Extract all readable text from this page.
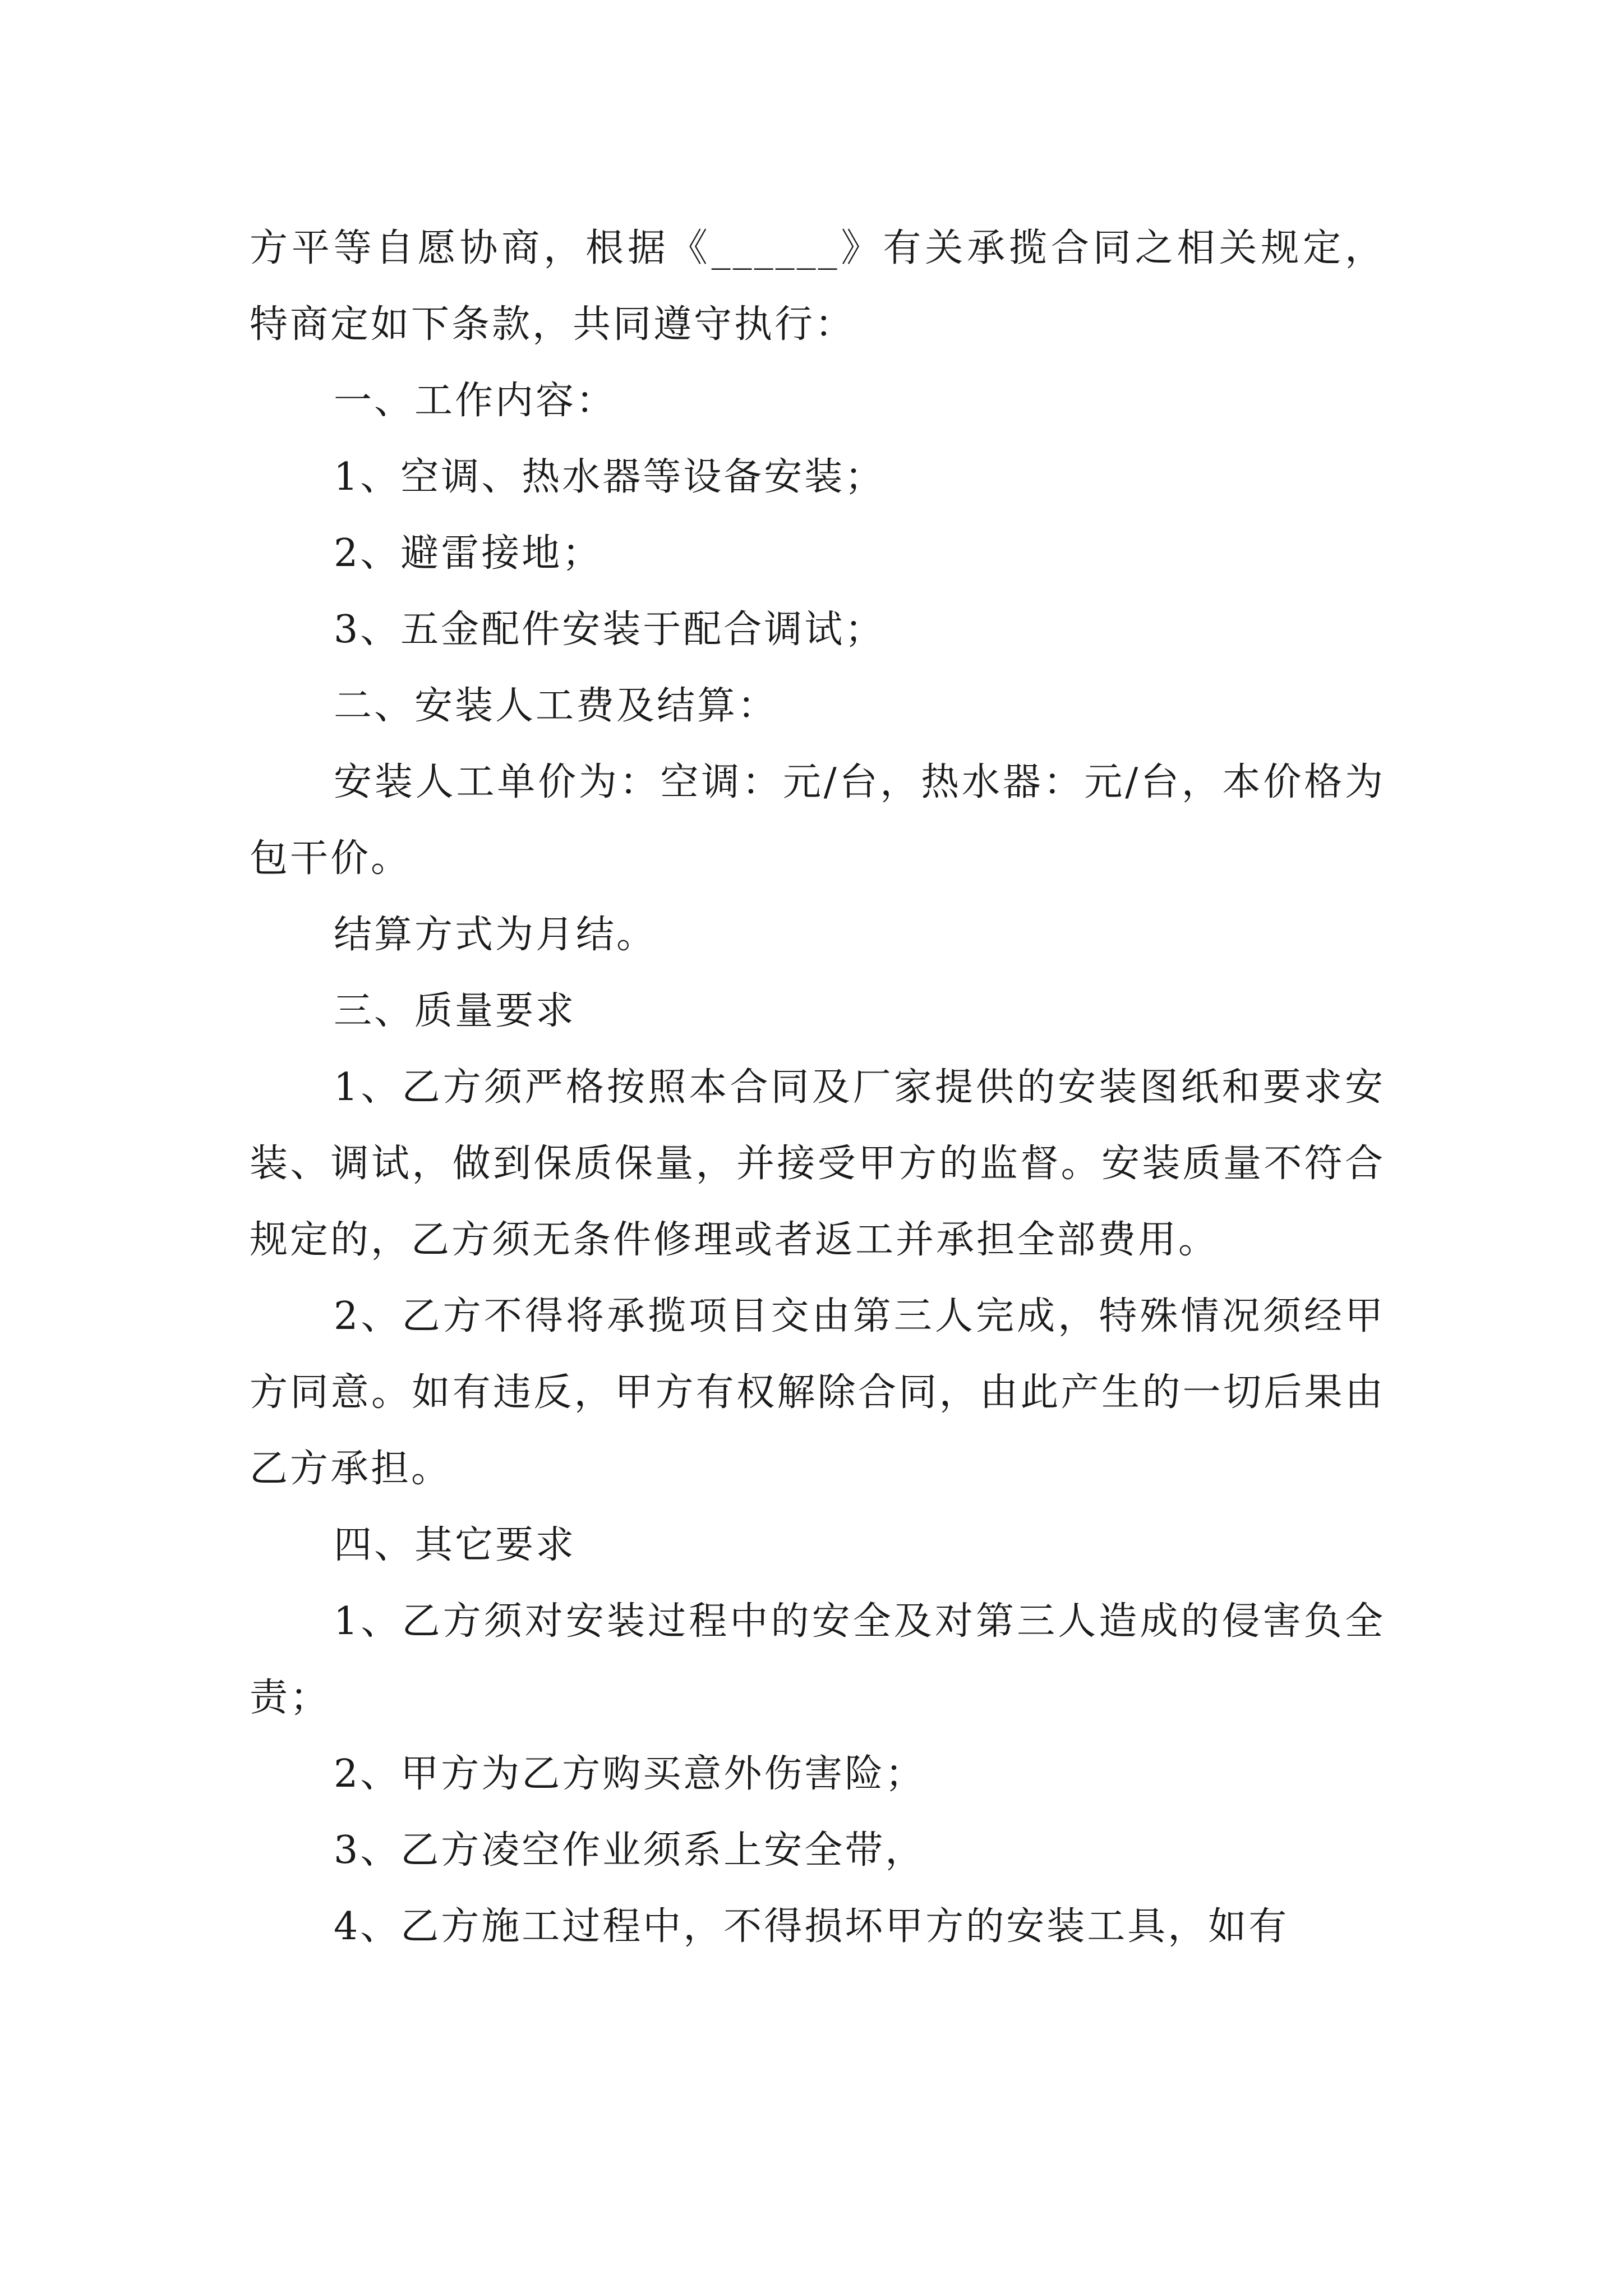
方平等自愿协商，根据《______》有关承揽合同之相关规定，特商定如下条款，共同遵守执行：

一、工作内容：

1、空调、热水器等设备安装；

2、避雷接地；

3、五金配件安装于配合调试；

二、安装人工费及结算：

安装人工单价为：空调：元/台，热水器：元/台，本价格为包干价。

结算方式为月结。

三、质量要求

1、乙方须严格按照本合同及厂家提供的安装图纸和要求安装、调试，做到保质保量，并接受甲方的监督。安装质量不符合规定的，乙方须无条件修理或者返工并承担全部费用。

2、乙方不得将承揽项目交由第三人完成，特殊情况须经甲方同意。如有违反，甲方有权解除合同，由此产生的一切后果由乙方承担。

四、其它要求

1、乙方须对安装过程中的安全及对第三人造成的侵害负全责；

2、甲方为乙方购买意外伤害险；

3、乙方凌空作业须系上安全带，

4、乙方施工过程中，不得损坏甲方的安装工具，如有
